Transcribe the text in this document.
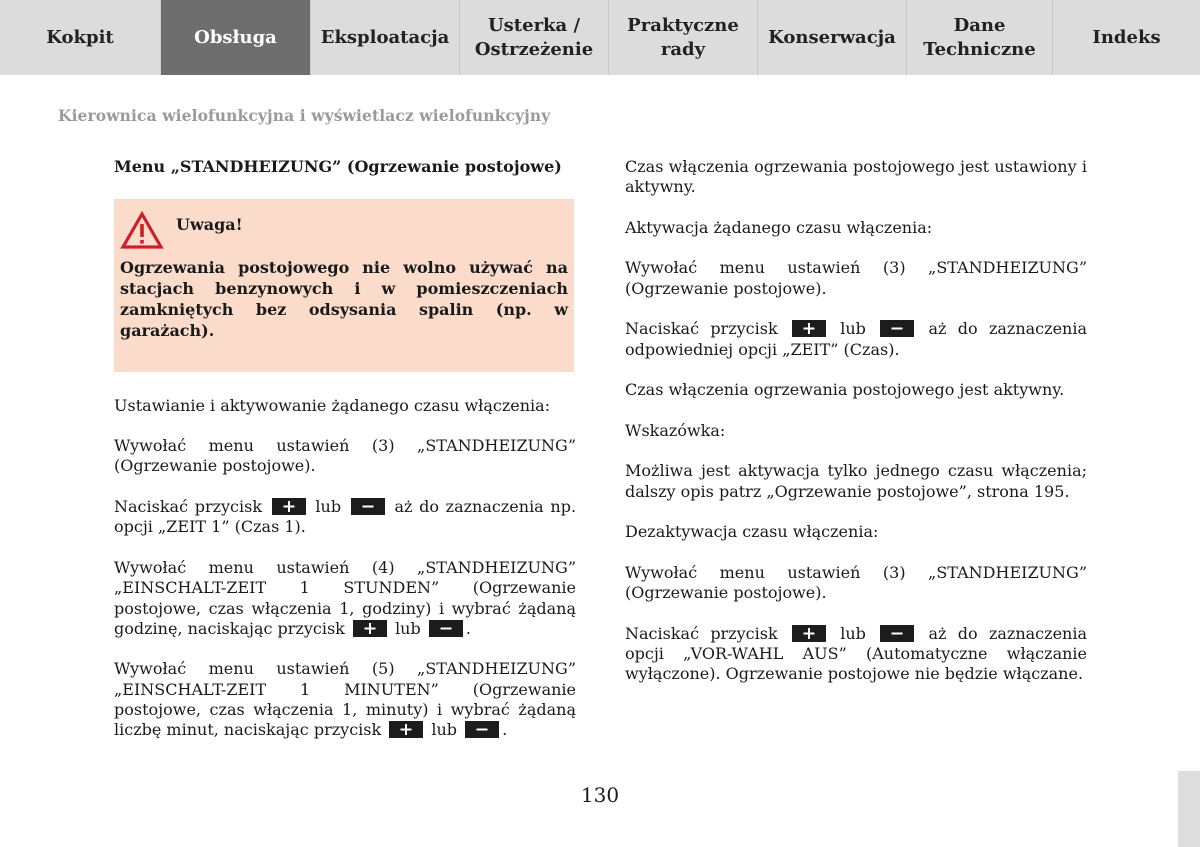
Kokpit	Obsługa	Eksploatacja
Usterka /
Ostrzeżenie
Praktyczne
rady
Konserwacja
Dane
Techniczne
Indeks
Kierownica wielofunkcyjna i wyświetlacz wielofunkcyjny

Menu „STANDHEIZUNG” (Ogrzewanie postojowe)

Uwaga!

Ogrzewania postojowego nie wolno używać na stacjach benzynowych i w pomieszczeniach zamkniętych bez odsysania spalin (np. w garażach).

Ustawianie i aktywowanie żądanego czasu włączenia:

Wywołać menu ustawień (3) „STANDHEIZUNG” (Ogrzewanie postojowe).

Naciskać przycisk	lub	aż do zaznaczenia np. opcji „ZEIT 1” (Czas 1).

Wywołać menu ustawień (4) „STANDHEIZUNG” „EINSCHALT-ZEIT 1 STUNDEN” (Ogrzewanie postojowe, czas włączenia 1, godziny) i wybrać żądaną godzinę, naciskając przycisk	lub	.

Wywołać menu ustawień (5) „STANDHEIZUNG” „EINSCHALT-ZEIT 1 MINUTEN” (Ogrzewanie postojowe, czas włączenia 1, minuty) i wybrać żądaną liczbę minut, naciskając przycisk	lub	.

Czas włączenia ogrzewania postojowego jest ustawiony i aktywny.

Aktywacja żądanego czasu włączenia:

Wywołać menu ustawień (3) „STANDHEIZUNG” (Ogrzewanie postojowe).

Naciskać przycisk	lub	aż do zaznaczenia odpowiedniej opcji „ZEIT” (Czas).

Czas włączenia ogrzewania postojowego jest aktywny.

Wskazówka:

Możliwa jest aktywacja tylko jednego czasu włączenia; dalszy opis patrz „Ogrzewanie postojowe”, strona 195.

Dezaktywacja czasu włączenia:

Wywołać menu ustawień (3) „STANDHEIZUNG” (Ogrzewanie postojowe).

Naciskać przycisk	lub	aż do zaznaczenia opcji „VOR-WAHL AUS” (Automatyczne włączanie wyłączone). Ogrzewanie postojowe nie będzie włączane.

130
